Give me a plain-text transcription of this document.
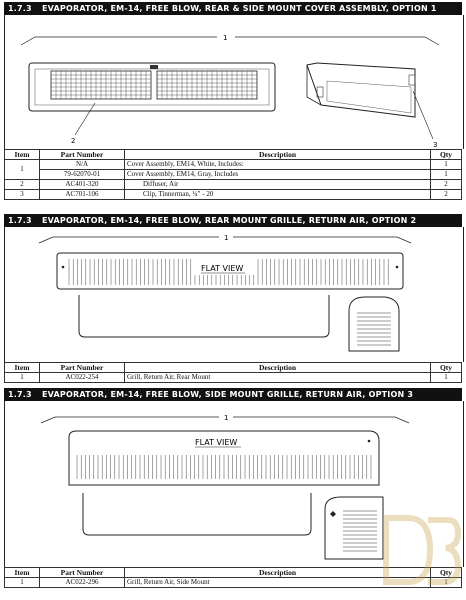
1.7.3 EVAPORATOR, EM-14, FREE BLOW, REAR & SIDE MOUNT COVER ASSEMBLY, OPTION 1
1
2	3
Item	Part Number	Description	Qty
1	N/A	Cover Assembly, EM14, White, Includes:	1
	79-62070-01	Cover Assembly, EM14, Gray, Includes	1
2	AC401-320	Diffuser, Air	2
3	AC701-106	Clip, Tinnerman, ¼" - 20	2
1.7.3 EVAPORATOR, EM-14, FREE BLOW, REAR MOUNT GRILLE, RETURN AIR, OPTION 2
1
FLAT VIEW
Item	Part Number	Description	Qty
1	AC022-254	Grill, Return Air, Rear Mount	1
1.7.3 EVAPORATOR, EM-14, FREE BLOW, SIDE MOUNT GRILLE, RETURN AIR, OPTION 3
1
FLAT VIEW
Item	Part Number	Description	Qty
1	AC022-296	Grill, Return Air, Side Mount	1
